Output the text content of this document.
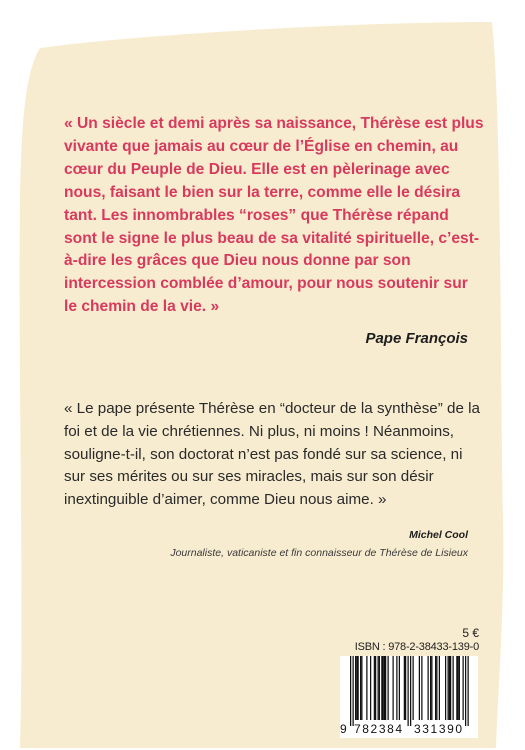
« Un siècle et demi après sa naissance, Thérèse est plus vivante que jamais au cœur de l’Église en chemin, au cœur du Peuple de Dieu. Elle est en pèlerinage avec nous, faisant le bien sur la terre, comme elle le désira tant. Les innombrables “roses” que Thérèse répand sont le signe le plus beau de sa vitalité spirituelle, c’est-à-dire les grâces que Dieu nous donne par son intercession comblée d’amour, pour nous soutenir sur le chemin de la vie. »

Pape François

« Le pape présente Thérèse en “docteur de la synthèse” de la foi et de la vie chrétiennes. Ni plus, ni moins ! Néanmoins, souligne-t-il, son doctorat n’est pas fondé sur sa science, ni sur ses mérites ou sur ses miracles, mais sur son désir inextinguible d’aimer, comme Dieu nous aime. »

Michel Cool
Journaliste, vaticaniste et fin connaisseur de Thérèse de Lisieux
5 €
ISBN : 978-2-38433-139-0
9 782384 331390
